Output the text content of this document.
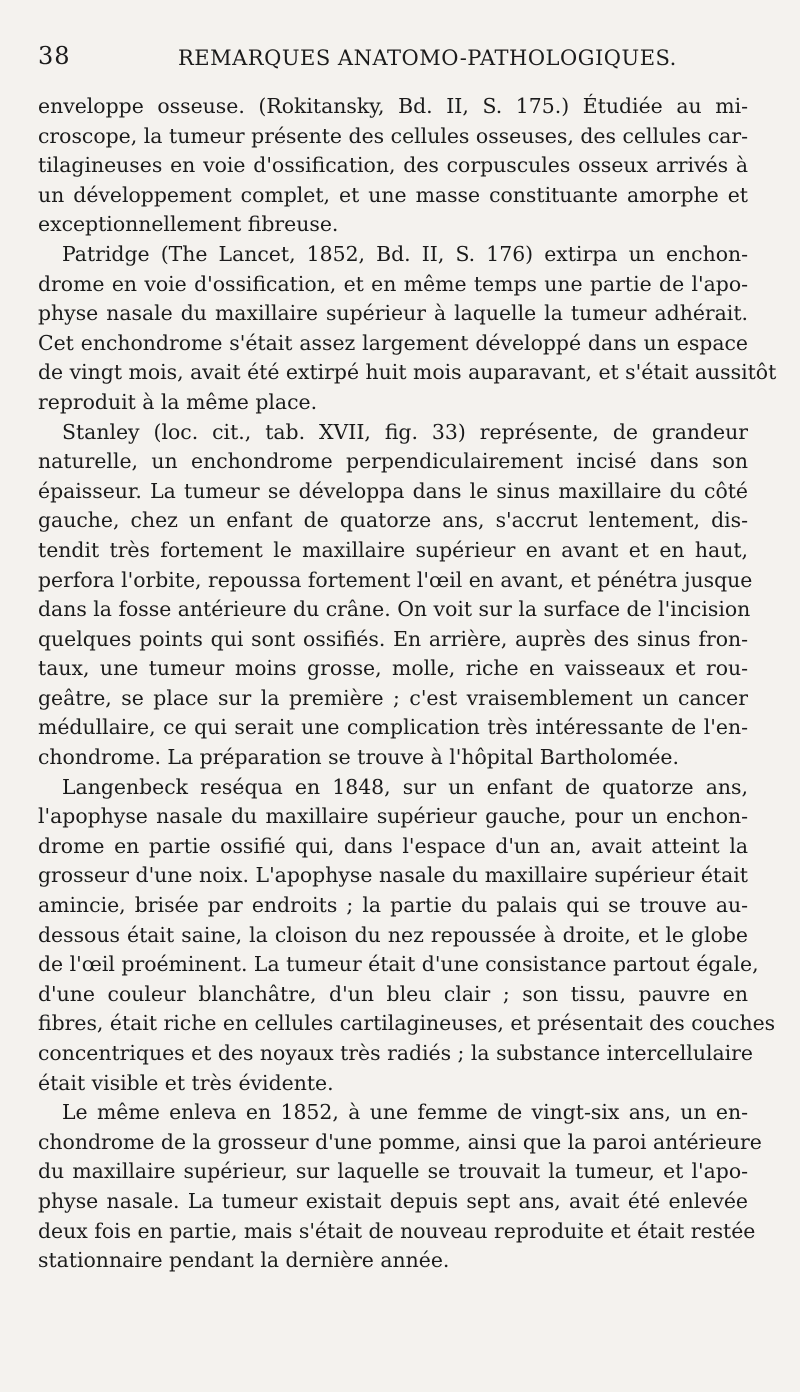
38	REMARQUES ANATOMO-PATHOLOGIQUES.
enveloppe osseuse. (Rokitansky, Bd. II, S. 175.) Étudiée au mi-
croscope, la tumeur présente des cellules osseuses, des cellules car-
tilagineuses en voie d'ossification, des corpuscules osseux arrivés à
un développement complet, et une masse constituante amorphe et
exceptionnellement fibreuse.
Patridge (The Lancet, 1852, Bd. II, S. 176) extirpa un enchon-
drome en voie d'ossification, et en même temps une partie de l'apo-
physe nasale du maxillaire supérieur à laquelle la tumeur adhérait.
Cet enchondrome s'était assez largement développé dans un espace
de vingt mois, avait été extirpé huit mois auparavant, et s'était aussitôt
reproduit à la même place.
Stanley (loc. cit., tab. XVII, fig. 33) représente, de grandeur
naturelle, un enchondrome perpendiculairement incisé dans son
épaisseur. La tumeur se développa dans le sinus maxillaire du côté
gauche, chez un enfant de quatorze ans, s'accrut lentement, dis-
tendit très fortement le maxillaire supérieur en avant et en haut,
perfora l'orbite, repoussa fortement l'œil en avant, et pénétra jusque
dans la fosse antérieure du crâne. On voit sur la surface de l'incision
quelques points qui sont ossifiés. En arrière, auprès des sinus fron-
taux, une tumeur moins grosse, molle, riche en vaisseaux et rou-
geâtre, se place sur la première ; c'est vraisemblement un cancer
médullaire, ce qui serait une complication très intéressante de l'en-
chondrome. La préparation se trouve à l'hôpital Bartholomée.
Langenbeck reséqua en 1848, sur un enfant de quatorze ans,
l'apophyse nasale du maxillaire supérieur gauche, pour un enchon-
drome en partie ossifié qui, dans l'espace d'un an, avait atteint la
grosseur d'une noix. L'apophyse nasale du maxillaire supérieur était
amincie, brisée par endroits ; la partie du palais qui se trouve au-
dessous était saine, la cloison du nez repoussée à droite, et le globe
de l'œil proéminent. La tumeur était d'une consistance partout égale,
d'une couleur blanchâtre, d'un bleu clair ; son tissu, pauvre en
fibres, était riche en cellules cartilagineuses, et présentait des couches
concentriques et des noyaux très radiés ; la substance intercellulaire
était visible et très évidente.
Le même enleva en 1852, à une femme de vingt-six ans, un en-
chondrome de la grosseur d'une pomme, ainsi que la paroi antérieure
du maxillaire supérieur, sur laquelle se trouvait la tumeur, et l'apo-
physe nasale. La tumeur existait depuis sept ans, avait été enlevée
deux fois en partie, mais s'était de nouveau reproduite et était restée
stationnaire pendant la dernière année.
